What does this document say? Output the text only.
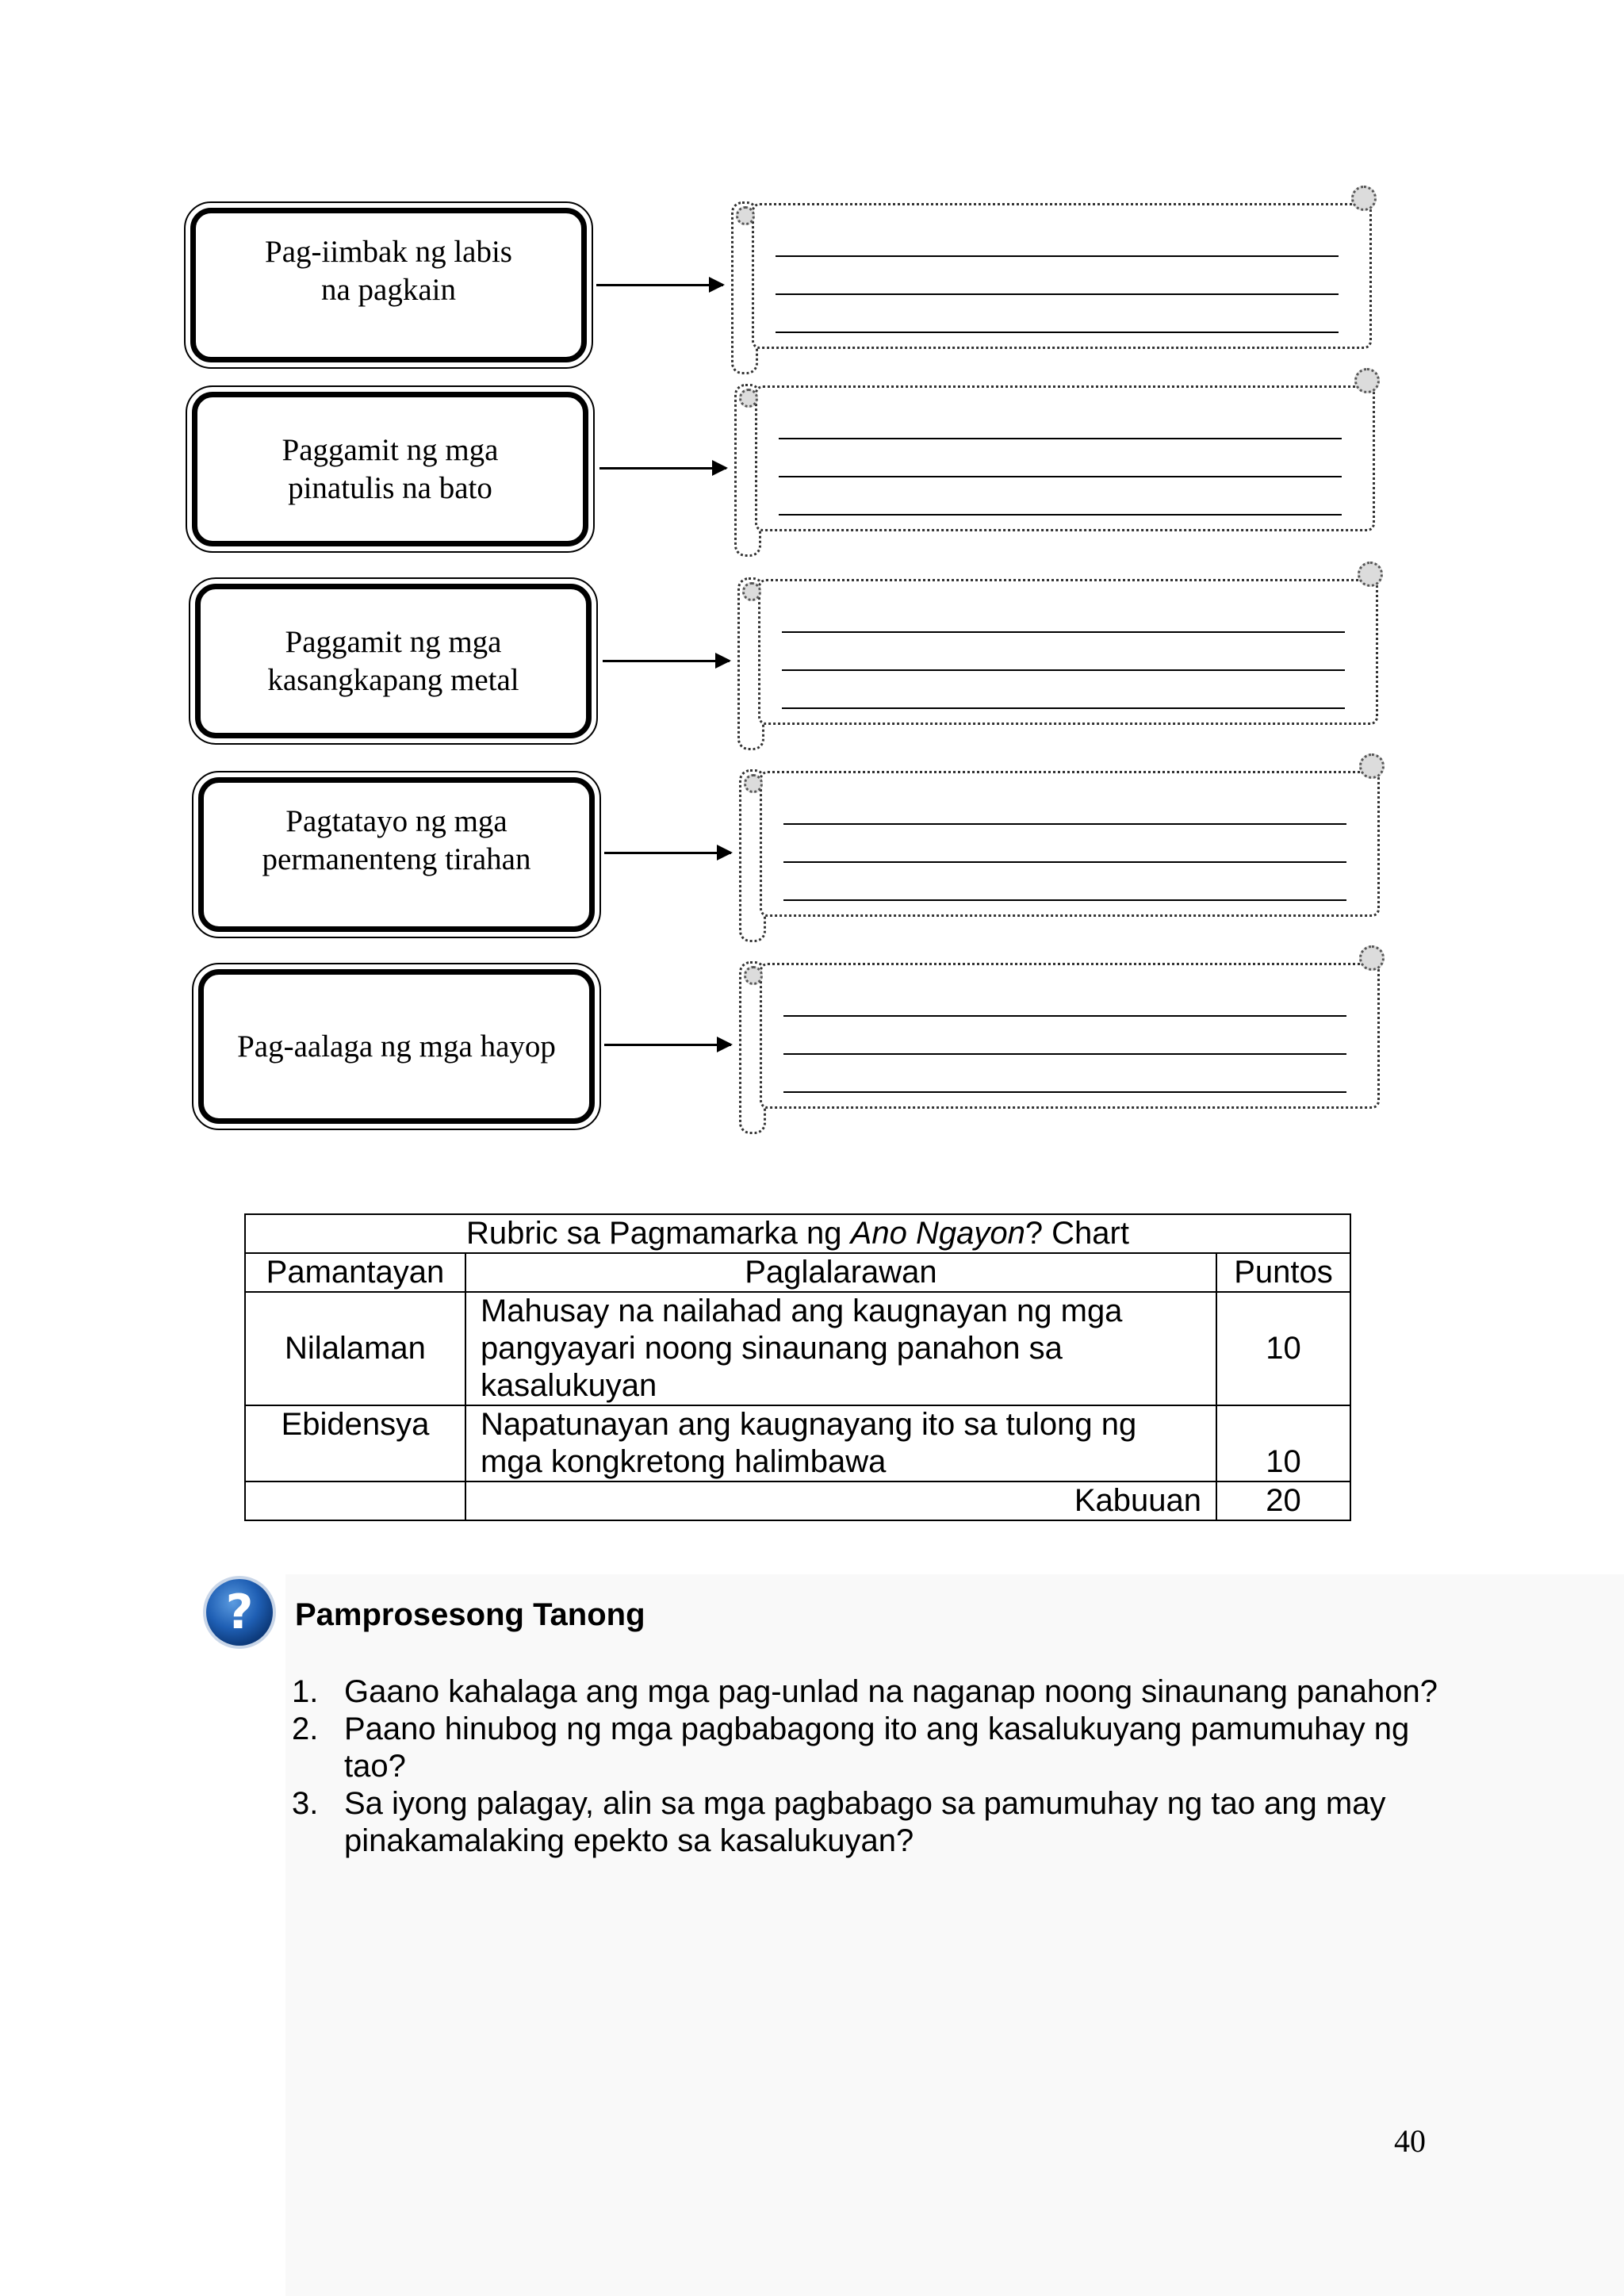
Pag-iimbak ng labis
na pagkain
Paggamit ng mga
pinatulis na bato
Paggamit ng mga
kasangkapang metal
Pagtatayo ng mga
permanenteng tirahan
Pag-aalaga ng mga hayop
Rubric sa Pagmamarka ng Ano Ngayon? Chart		
Pamantayan	Paglalarawan	Puntos
Nilalaman	Mahusay na nailahad ang kaugnayan ng mga pangyayari noong sinaunang panahon sa kasalukuyan	10
Ebidensya	Napatunayan ang kaugnayang ito sa tulong ng mga kongkretong halimbawa	10
	Kabuuan	20
? Pamprosesong Tanong
1. Gaano kahalaga ang mga pag-unlad na naganap noong sinaunang panahon?
2. Paano hinubog ng mga pagbabagong ito ang kasalukuyang pamumuhay ng tao?
3. Sa iyong palagay, alin sa mga pagbabago sa pamumuhay ng tao ang may pinakamalaking epekto sa kasalukuyan?
40
